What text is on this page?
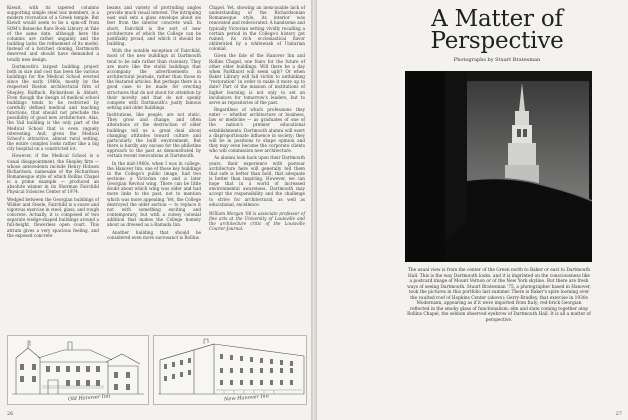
Kiewit, with its tapered columns supporting simple steel box members, is a modern recreation of a Greek temple. But Kiewit would seem to be a spin-off from SOM's Beinecke Rare Book Library at Yale of the same date, although here the columns are rather ungainly and the building lacks the refinement of its model. Instead of a botched cloning, Dartmouth deserved and should have demanded a totally new design.

Dartmouth's largest building project both in size and cost has been the various buildings for the Medical School erected since the early 1960s, mostly by the respected Boston architectural firm of Shepley, Bulfinch, Richardson & Abbott. Even though the design of medical school buildings tends to be restricted by carefully defined medical and teaching functions, that should not preclude the possibility of good new architecture. Alas, the Vail building is the only part of the Medical School that is even vaguely interesting. And, given the Medical School's attractive, almost rural setting, the entire complex looks rather like a big city hospital on a constricted lot.

However, if the Medical School is a visual disappointment, the Shepley firm — whose antecedents include Henry Hobson Richardson, namesake of the Richardson Romanesque style of which Rollins Chapel is a prime example — produced an absolute winner in its Sherman Fairchild Physical Sciences Center of 1974.

Wedged between the Georgian buildings of Wilder and Steele, Fairchild is a suave and vigorous exercise in steel, glass, and rough concrete. Actually, it is composed of two separate wedge-shaped buildings around a full-height, flowerless open court. This atrium gives a very spacious feeling, and the exposed concrete

beams and variety of protruding angles provide much visual interest. The intriguing east wall sets a glass envelope about six feet from the interior concrete wall. In short, Fairchild is the sort of new architecture of which the College can be justifiably proud, and which it should be building.

With the notable exception of Fairchild, most of the new buildings at Dartmouth tend to be safe rather than visionary. They are more like the stolid buildings that accompany the advertisements in architectural journals, rather than those in the featured articles. But perhaps there is a good case to be made for erecting structures that do not shout for attention by their novelty and that do not openly compete with Dartmouth's justly famous setting and older buildings.

Institutions, like people, are not static. They grow and change, and often alterations or the destruction of older buildings tell us a great deal about changing attitudes toward culture and particularly the built environment. But there is hardly any excuse for the philistine approach to the past as demonstrated by certain recent renovations at Dartmouth.

In the mid-1960s, when I was in college, the Hanover Inn, one of those key buildings in the College's public image, had two sections: a Victorian one and a later Georgian Revival wing. There can be little doubt about which wing was older and had more links to the past, not to mention which was more appealing. Yet, the College destroyed the older section — to replace it not with something exciting and contemporary, but with a cutesy colonial addition that makes the College homely about as dressed as a Ramada Inn.

Another building that should be considered even more sacrosanct is Rollins

Chapel. Yet, showing an inexcusable lack of understanding of the Richardsonian Romanesque style, its interior was renovated and redecorated. A handsome and typically Victorian setting vividly recalling a certain period in the College's history got ruined, its rich ecclesiastical flavor obliterated by a whitewash of Unitarian colonial.

Given the fate of the Hanover Inn and Rollins Chapel, one fears for the future of other older buildings. Will there be a day when Parkhurst will seem ugly? Or when Baker Library will fall victim to unthinking "restoration" in order to make it more up to date? Part of the mission of institutions of higher learning is not only to set an incubators for tomorrow's leaders, but to serve as repositories of the past.

Regardless of which professions they enter — whether architecture or business, law or medicine — as graduates of one of the nation's premier educational establishments, Dartmouth alumni will exert a disproportionate influence in society; they will be in positions to shape opinion and they may even become the corporate clients who will commission new architecture.

As alumni look back upon their Dartmouth years, their experience with postwar architecture here will generally tell them that safe is better than bold, that adequate is better than inspiring. However, we can hope that in a world of increased environmental awareness, Dartmouth may accept the responsibility and the challenge to strive for architectural, as well as educational, excellence.

William Morgan '66 is associate professor of fine arts at the University of Louisville and the architecture critic of the Louisville Courier-Journal.

Old Hanover Inn	New Hanover Inn
26
A Matter of
Perspective
Photographs by Stuart Bratesman
The usual view is from the center of the Green north to Baker or east to Dartmouth Hall. This is the way Dartmouth looks, and it is imprinted on the consciousness like a postcard image of Mount Vernon or of the New York skyline. But there are fresh ways of seeing Dartmouth. Stuart Bratesman '75, a photographer based in Hanover, took the pictures in this portfolio last summer. There is Baker's spire looming over the vaulted roof of Hopkins Center (above); Gerry-Bradley, that exercise in 1930s Modernism, appearing as if it were imported from Italy; red-brick Georgian reflected in the smoky glass of functionalism; elm and slate coming together atop Rollins Chapel, the seldom observed eyebrow of Dartmouth Hall. It is all a matter of perspective.
27
